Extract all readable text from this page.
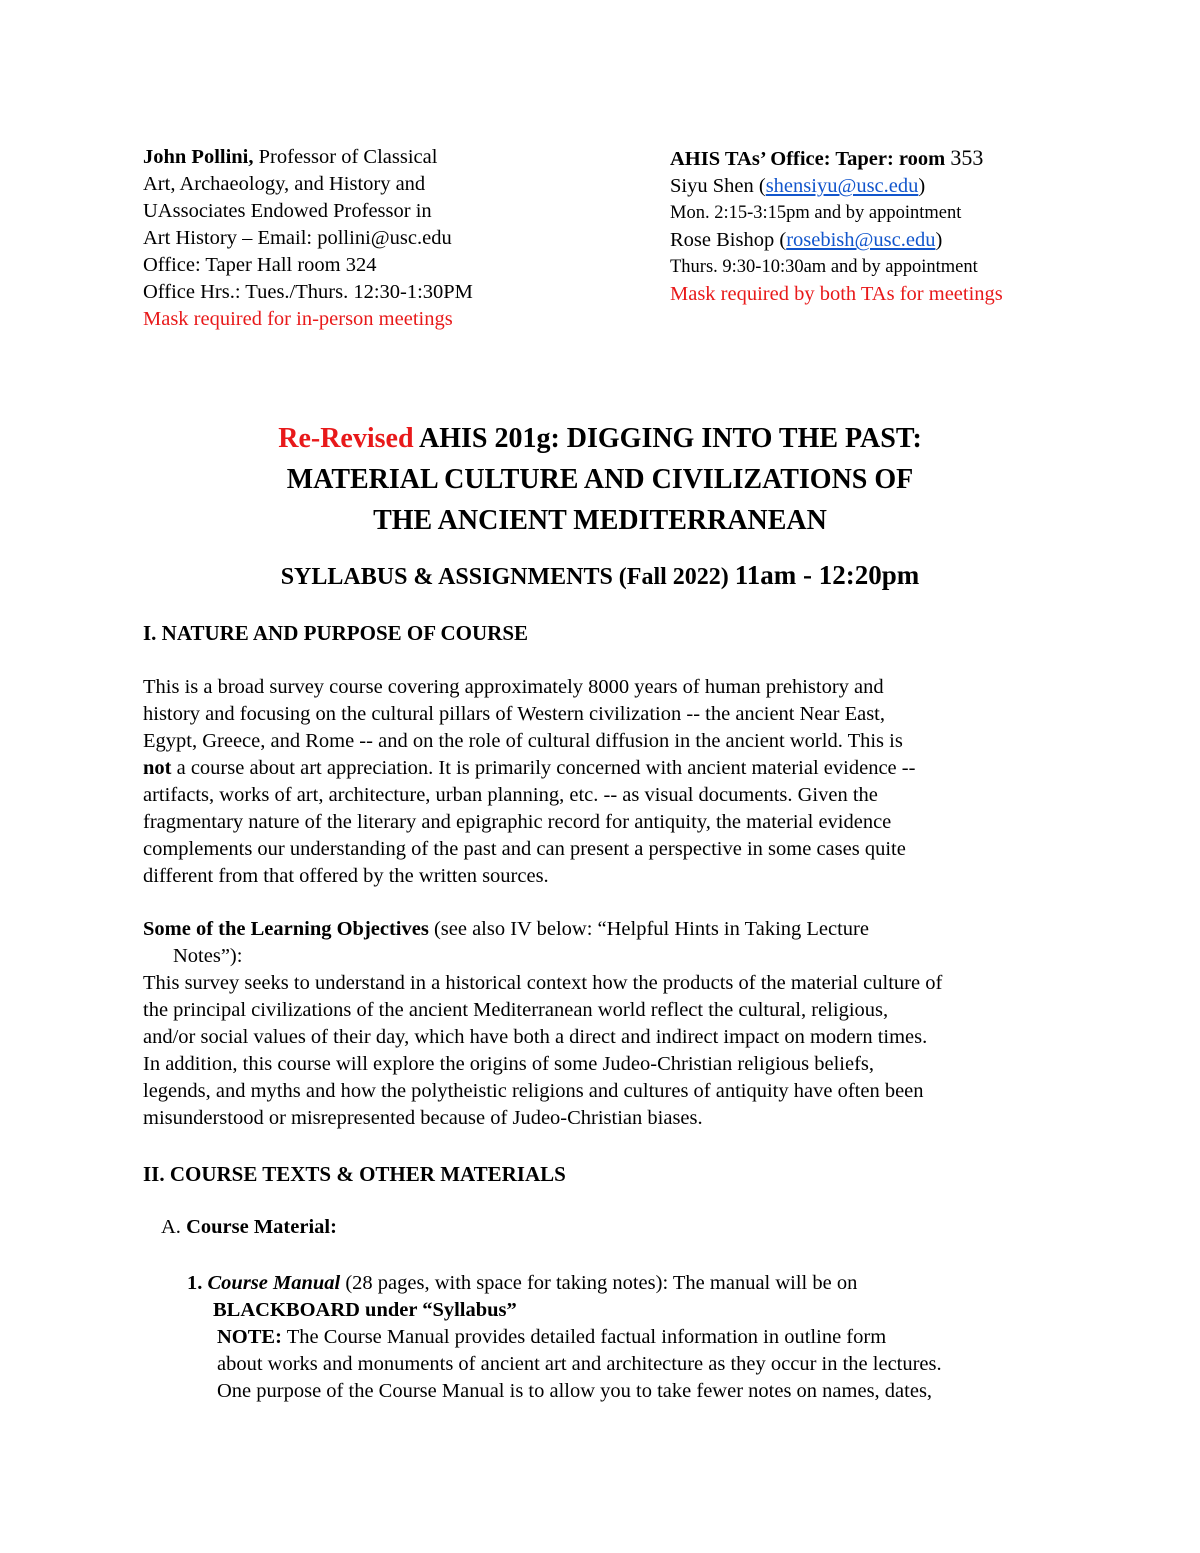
John Pollini, Professor of Classical
Art, Archaeology, and History and
UAssociates Endowed Professor in
Art History – Email: pollini@usc.edu
Office: Taper Hall room 324
Office Hrs.: Tues./Thurs. 12:30-1:30PM
Mask required for in-person meetings
AHIS TAs’ Office: Taper: room 353
Siyu Shen (shensiyu@usc.edu)
Mon. 2:15-3:15pm and by appointment
Rose Bishop (rosebish@usc.edu)
Thurs. 9:30-10:30am and by appointment
Mask required by both TAs for meetings
Re-Revised AHIS 201g: DIGGING INTO THE PAST:
MATERIAL CULTURE AND CIVILIZATIONS OF
THE ANCIENT MEDITERRANEAN
SYLLABUS & ASSIGNMENTS (Fall 2022) 11am - 12:20pm
I. NATURE AND PURPOSE OF COURSE
This is a broad survey course covering approximately 8000 years of human prehistory and
history and focusing on the cultural pillars of Western civilization -- the ancient Near East,
Egypt, Greece, and Rome -- and on the role of cultural diffusion in the ancient world. This is
not a course about art appreciation. It is primarily concerned with ancient material evidence --
artifacts, works of art, architecture, urban planning, etc. -- as visual documents. Given the
fragmentary nature of the literary and epigraphic record for antiquity, the material evidence
complements our understanding of the past and can present a perspective in some cases quite
different from that offered by the written sources.
Some of the Learning Objectives (see also IV below: “Helpful Hints in Taking Lecture
Notes”):
This survey seeks to understand in a historical context how the products of the material culture of
the principal civilizations of the ancient Mediterranean world reflect the cultural, religious,
and/or social values of their day, which have both a direct and indirect impact on modern times.
In addition, this course will explore the origins of some Judeo-Christian religious beliefs,
legends, and myths and how the polytheistic religions and cultures of antiquity have often been
misunderstood or misrepresented because of Judeo-Christian biases.
II. COURSE TEXTS & OTHER MATERIALS
A. Course Material:
1. Course Manual (28 pages, with space for taking notes): The manual will be on
BLACKBOARD under “Syllabus”
NOTE: The Course Manual provides detailed factual information in outline form
about works and monuments of ancient art and architecture as they occur in the lectures.
One purpose of the Course Manual is to allow you to take fewer notes on names, dates,
